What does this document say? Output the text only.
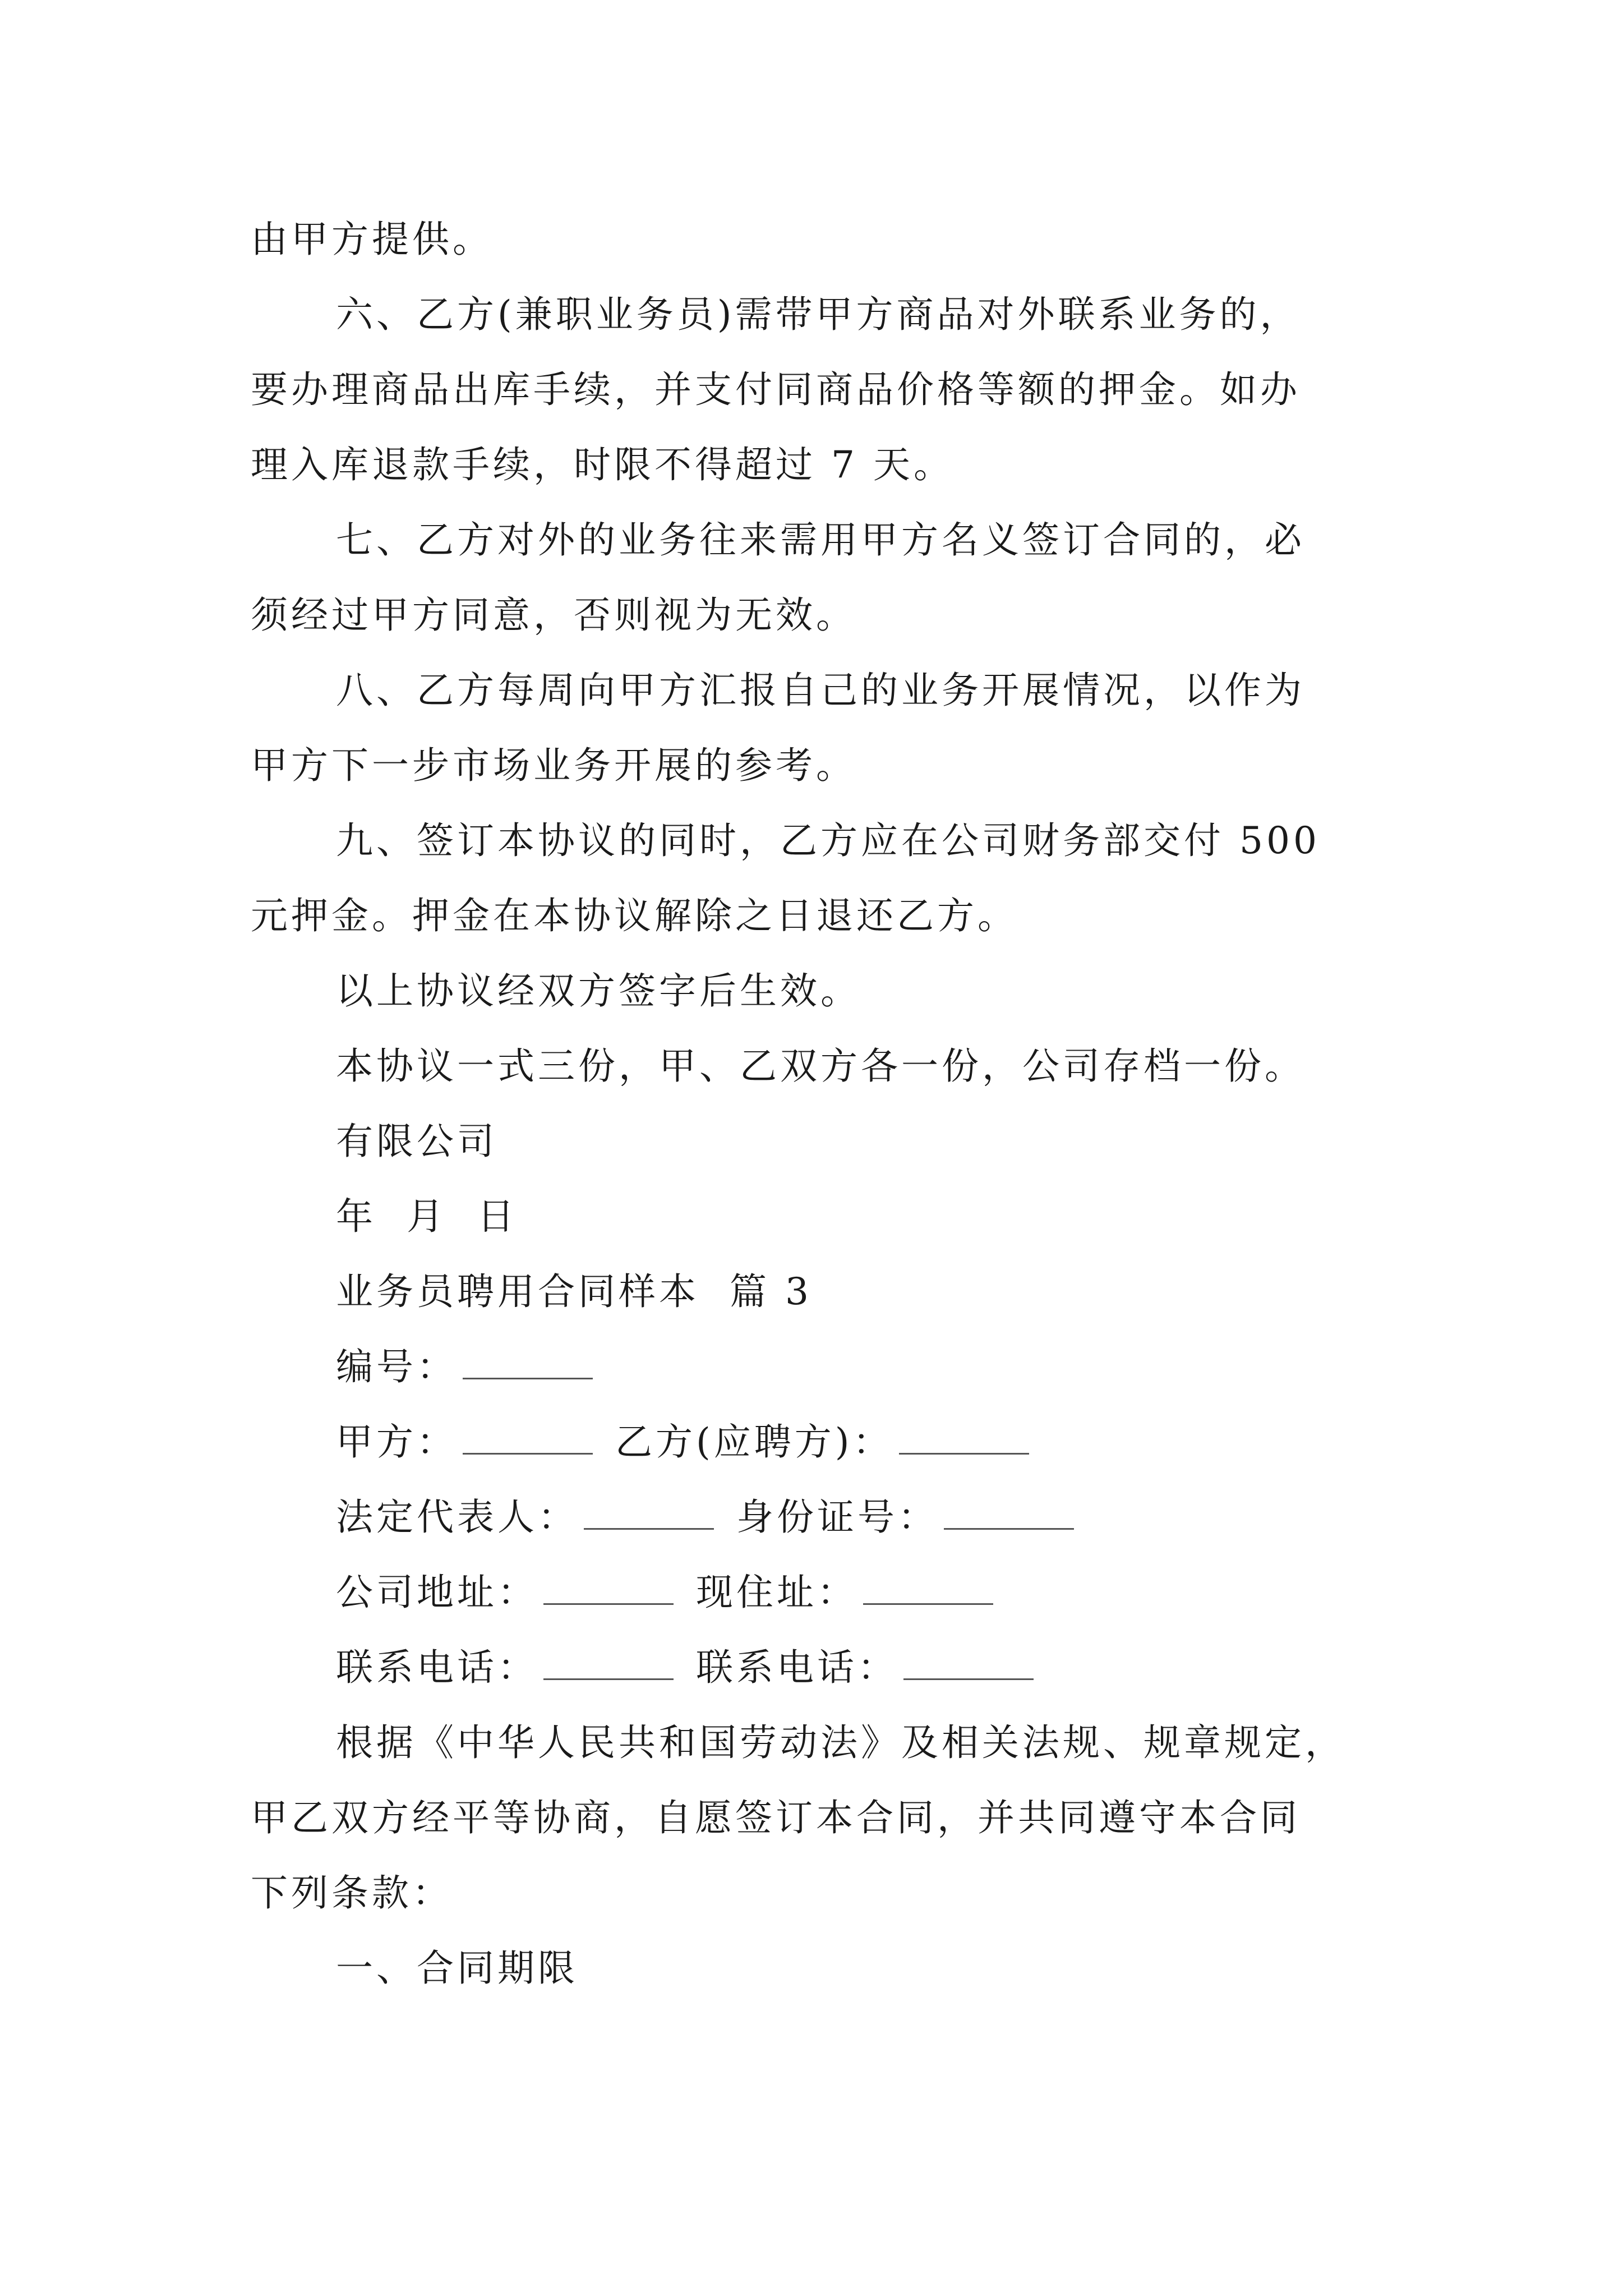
由甲方提供。
六、乙方(兼职业务员)需带甲方商品对外联系业务的，
要办理商品出库手续，并支付同商品价格等额的押金。如办
理入库退款手续，时限不得超过 7 天。
七、乙方对外的业务往来需用甲方名义签订合同的，必
须经过甲方同意，否则视为无效。
八、乙方每周向甲方汇报自己的业务开展情况，以作为
甲方下一步市场业务开展的参考。
九、签订本协议的同时，乙方应在公司财务部交付 500
元押金。押金在本协议解除之日退还乙方。
以上协议经双方签字后生效。
本协议一式三份，甲、乙双方各一份，公司存档一份。
有限公司
年  月  日
业务员聘用合同样本  篇 3
编号：
甲方：	乙方(应聘方)：
法定代表人：	身份证号：
公司地址：	现住址：
联系电话：	联系电话：
根据《中华人民共和国劳动法》及相关法规、规章规定，
甲乙双方经平等协商，自愿签订本合同，并共同遵守本合同
下列条款：
一、合同期限
